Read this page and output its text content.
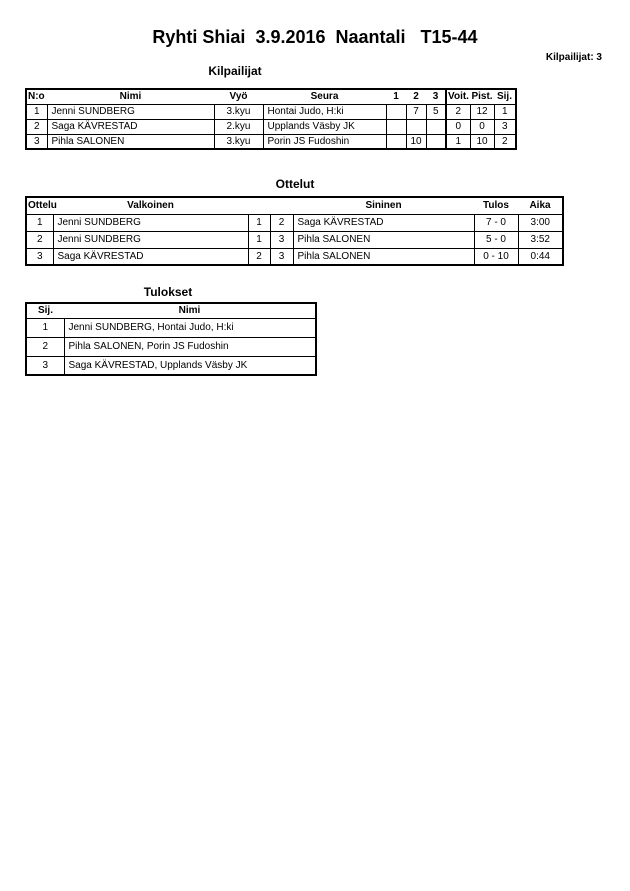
Ryhti Shiai  3.9.2016  Naantali   T15-44
Kilpailijat: 3
Kilpailijat
N:o	Nimi	Vyö	Seura	1	2	3	Voit.	Pist.	Sij.
1	Jenni SUNDBERG	3.kyu	Hontai Judo, H:ki		7	5	2	12	1
2	Saga KÄVRESTAD	2.kyu	Upplands Väsby JK				0	0	3
3	Pihla SALONEN	3.kyu	Porin JS Fudoshin		10		1	10	2
Ottelut
Ottelu	Valkoinen			Sininen	Tulos	Aika
1	Jenni SUNDBERG	1	2	Saga KÄVRESTAD	7 - 0	3:00
2	Jenni SUNDBERG	1	3	Pihla SALONEN	5 - 0	3:52
3	Saga KÄVRESTAD	2	3	Pihla SALONEN	0 - 10	0:44
Tulokset
Sij.	Nimi
1	Jenni SUNDBERG, Hontai Judo, H:ki
2	Pihla SALONEN, Porin JS Fudoshin
3	Saga KÄVRESTAD, Upplands Väsby JK
